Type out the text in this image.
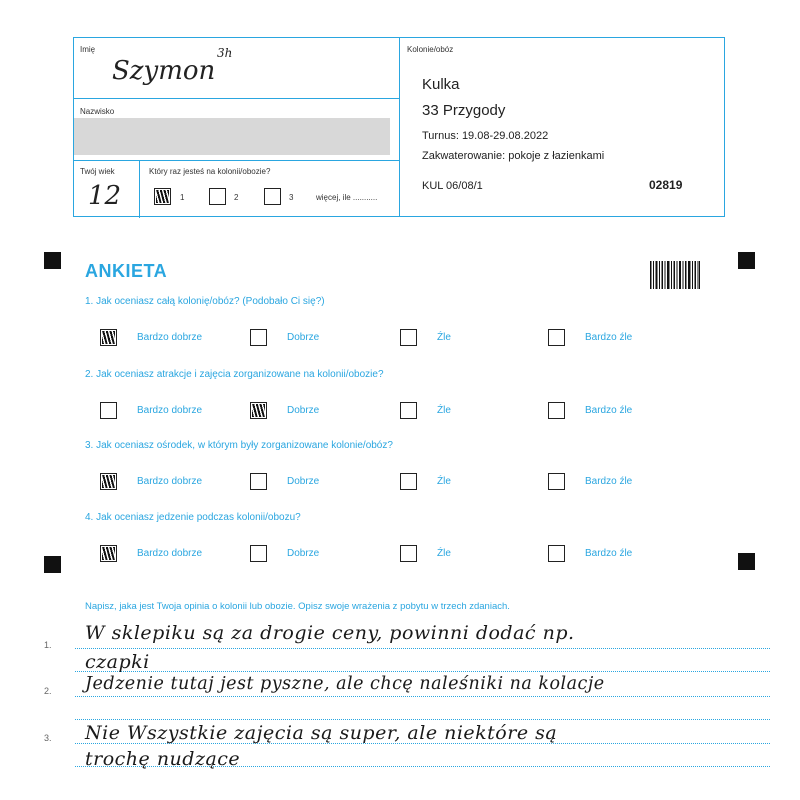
Imię
Szymon
3h
Nazwisko
Twój wiek
12
Który raz jesteś na kolonii/obozie?
1	2	3	więcej, ile ...........
Kolonie/obóz
Kulka
33 Przygody
Turnus: 19.08-29.08.2022
Zakwaterowanie: pokoje z łazienkami
KUL 06/08/1	02819
ANKIETA
1. Jak oceniasz całą kolonię/obóz? (Podobało Ci się?)
Bardzo dobrze	Dobrze	Źle	Bardzo źle
2. Jak oceniasz atrakcje i zajęcia zorganizowane na kolonii/obozie?
Bardzo dobrze	Dobrze	Źle	Bardzo źle
3. Jak oceniasz ośrodek, w którym były zorganizowane kolonie/obóz?
Bardzo dobrze	Dobrze	Źle	Bardzo źle
4. Jak oceniasz jedzenie podczas kolonii/obozu?
Bardzo dobrze	Dobrze	Źle	Bardzo źle
Napisz, jaka jest Twoja opinia o kolonii lub obozie. Opisz swoje wrażenia z pobytu w trzech zdaniach.
1.
2.
3.
W sklepiku są za drogie ceny, powinni dodać np.
czapki
Jedzenie tutaj jest pyszne, ale chcę naleśniki na kolacje
Nie Wszystkie zajęcia są super, ale niektóre są
trochę nudzące
